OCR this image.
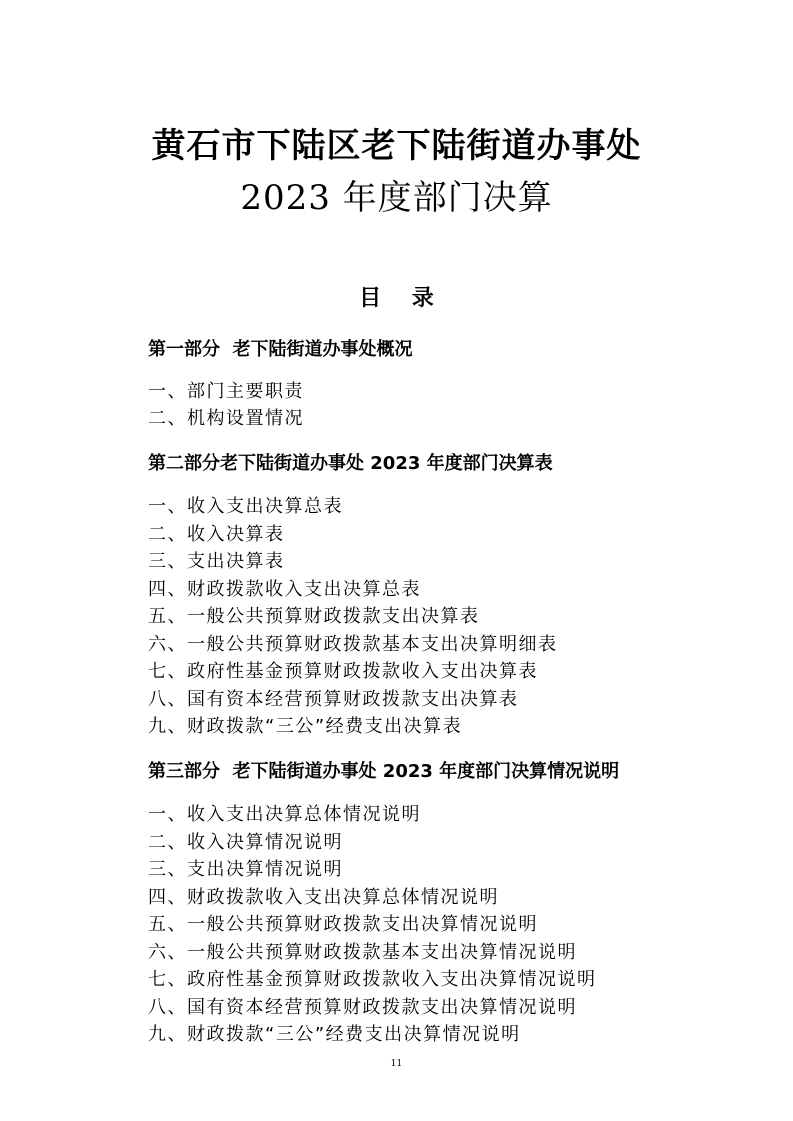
黄石市下陆区老下陆街道办事处
2023 年度部门决算
目    录
第一部分  老下陆街道办事处概况
一、部门主要职责
二、机构设置情况
第二部分老下陆街道办事处 2023 年度部门决算表
一、收入支出决算总表
二、收入决算表
三、支出决算表
四、财政拨款收入支出决算总表
五、一般公共预算财政拨款支出决算表
六、一般公共预算财政拨款基本支出决算明细表
七、政府性基金预算财政拨款收入支出决算表
八、国有资本经营预算财政拨款支出决算表
九、财政拨款“三公”经费支出决算表
第三部分  老下陆街道办事处 2023 年度部门决算情况说明
一、收入支出决算总体情况说明
二、收入决算情况说明
三、支出决算情况说明
四、财政拨款收入支出决算总体情况说明
五、一般公共预算财政拨款支出决算情况说明
六、一般公共预算财政拨款基本支出决算情况说明
七、政府性基金预算财政拨款收入支出决算情况说明
八、国有资本经营预算财政拨款支出决算情况说明
九、财政拨款“三公”经费支出决算情况说明
11
